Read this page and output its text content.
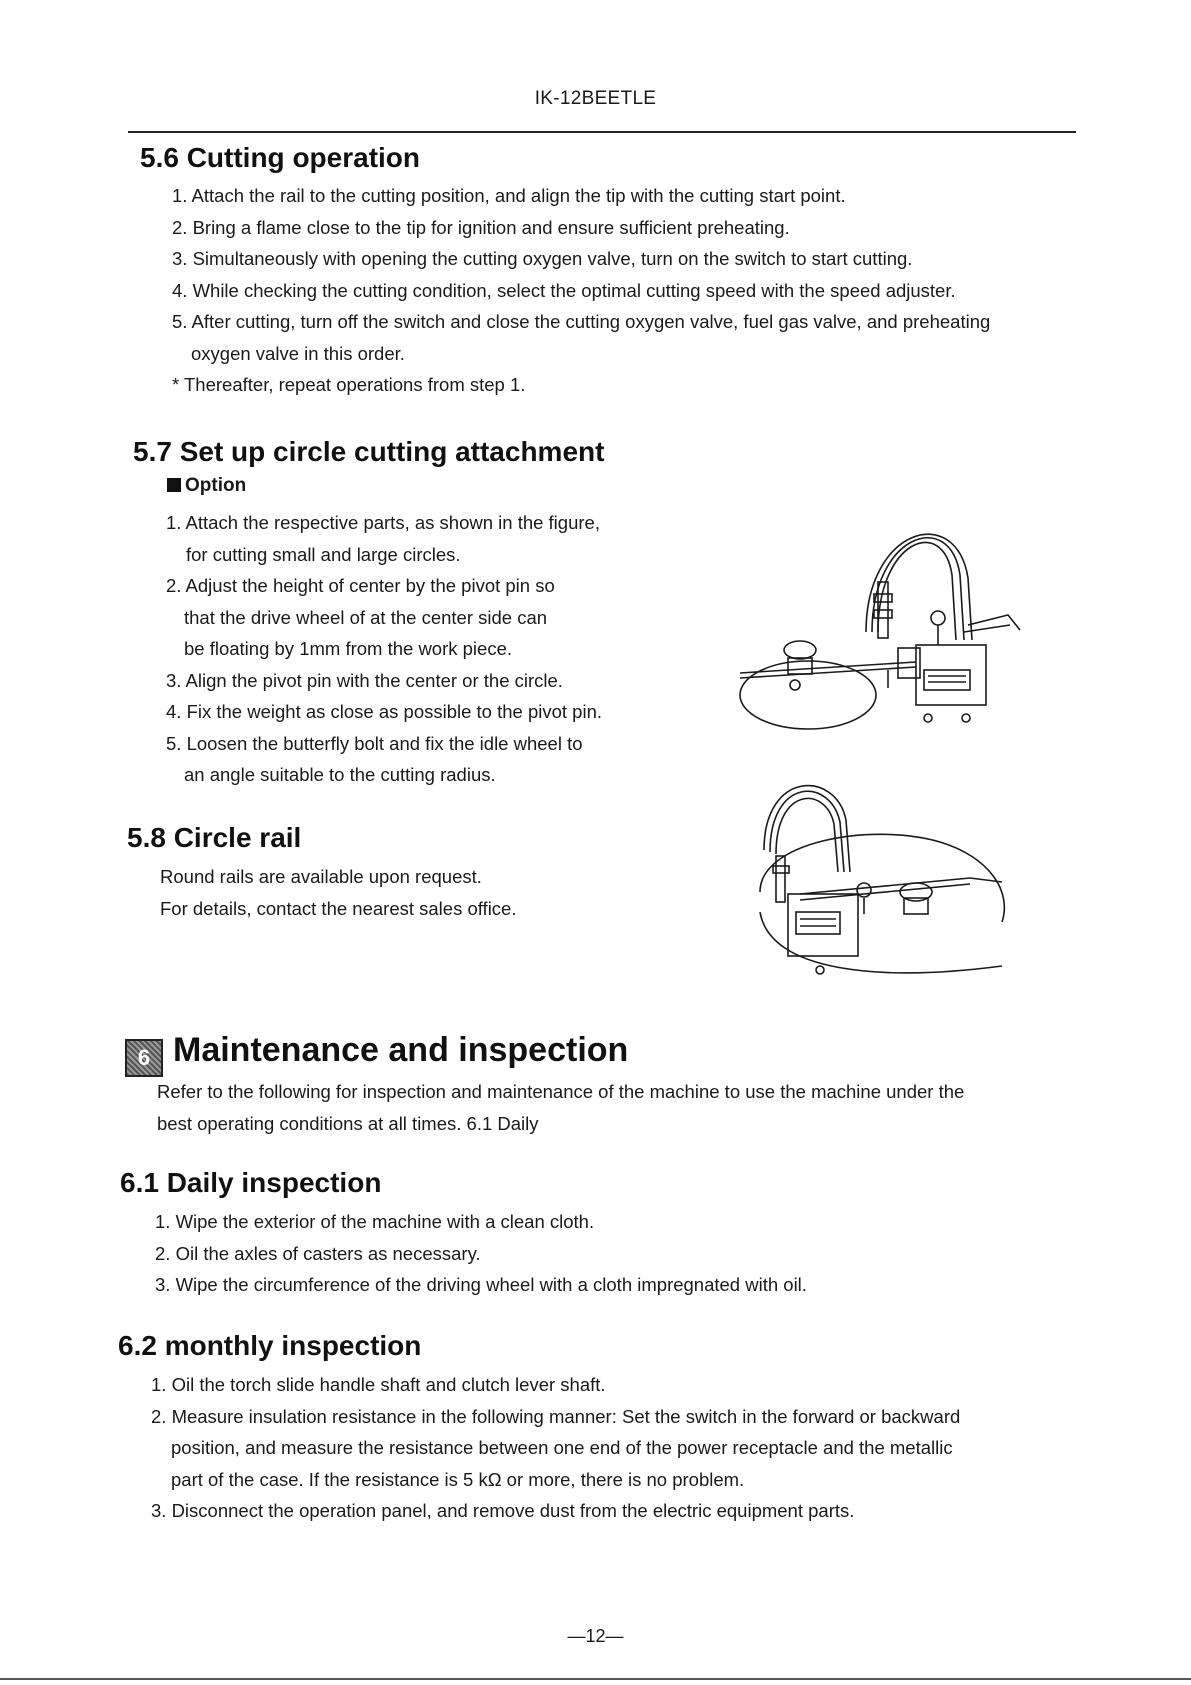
IK-12BEETLE
5.6 Cutting operation
1. Attach the rail to the cutting position, and align the tip with the cutting start point.
2. Bring a flame close to the tip for ignition and ensure sufficient preheating.
3. Simultaneously with opening the cutting oxygen valve, turn on the switch to start cutting.
4. While checking the cutting condition, select the optimal cutting speed with the speed adjuster.
5. After cutting, turn off the switch and close the cutting oxygen valve, fuel gas valve, and preheating
oxygen valve in this order.
* Thereafter, repeat operations from step 1.
5.7 Set up circle cutting attachment
Option
1. Attach the respective parts, as shown in the figure,
for cutting small and large circles.
2. Adjust the height of center by the pivot pin so
that the drive wheel of at the center side can
be floating by 1mm from the work piece.
3. Align the pivot pin with the center or the circle.
4. Fix the weight as close as possible to the pivot pin.
5. Loosen the butterfly bolt and fix the idle wheel to
an angle suitable to the cutting radius.
5.8 Circle rail
Round rails are available upon request.
For details, contact the nearest sales office.
6 Maintenance and inspection
Refer to the following for inspection and maintenance of the machine to use the machine under the
best operating conditions at all times. 6.1 Daily
6.1 Daily inspection
1. Wipe the exterior of the machine with a clean cloth.
2. Oil the axles of casters as necessary.
3. Wipe the circumference of the driving wheel with a cloth impregnated with oil.
6.2 monthly inspection
1. Oil the torch slide handle shaft and clutch lever shaft.
2. Measure insulation resistance in the following manner: Set the switch in the forward or backward
position, and measure the resistance between one end of the power receptacle and the metallic
part of the case. If the resistance is 5 kΩ or more, there is no problem.
3. Disconnect the operation panel, and remove dust from the electric equipment parts.
—12—
